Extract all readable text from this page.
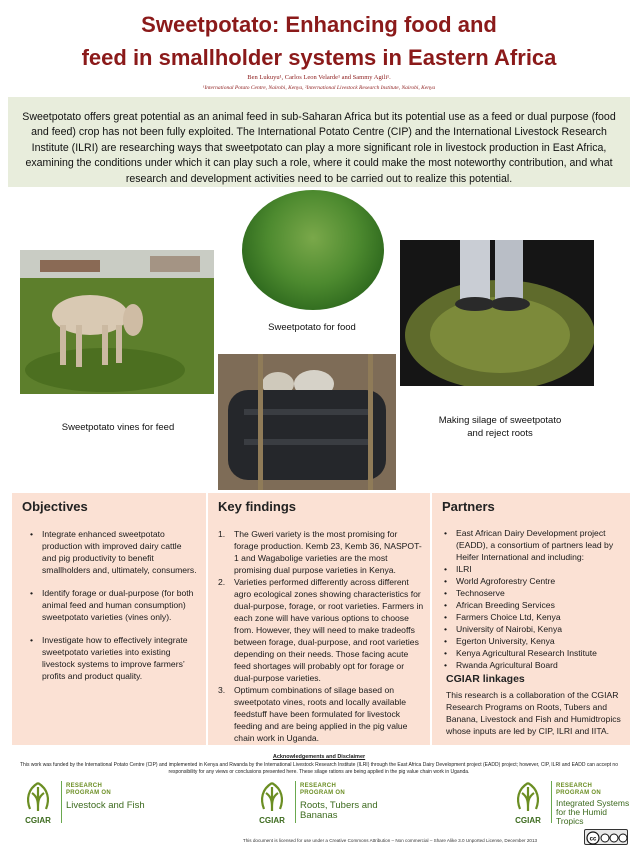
Sweetpotato: Enhancing food and
feed in smallholder systems in Eastern Africa
Ben Lukuyu¹, Carlos Leon Velarde¹ and Sammy Agili¹.
¹International Potato Centre, Nairobi, Kenya, ²International Livestock Research Institute, Nairobi, Kenya
Sweetpotato offers great potential as an animal feed in sub-Saharan Africa but its potential use as a feed or dual purpose (food and feed) crop has not been fully exploited. The International Potato Centre (CIP) and the International Livestock Research Institute (ILRI) are researching ways that sweetpotato can play a more significant role in livestock production in East Africa, examining the conditions under which it can play such a role, where it could make the most noteworthy contribution, and what research and development activities need to be carried out to realize this potential.
Sweetpotato for food
Sweetpotato vines for feed
Making silage of sweetpotato and reject roots
Objectives
• Integrate enhanced sweetpotato production with improved dairy cattle and pig productivity to benefit smallholders and, ultimately, consumers.
• Identify forage or dual-purpose (for both animal feed and human consumption) sweetpotato varieties (vines only).
• Investigate how to effectively integrate sweetpotato varieties into existing livestock systems to improve farmers’ profits and product quality.
Key findings
1. The Gweri variety is the most promising for forage production. Kemb 23, Kemb 36, NASPOT- 1 and Wagabolige varieties are the most promising dual purpose varieties in Kenya.
2. Varieties performed differently across different agro ecological zones showing characteristics for dual-purpose, forage, or root varieties. Farmers in each zone will have various options to choose from. However, they will need to make tradeoffs between forage, dual-purpose, and root varieties depending on their needs. Those facing acute feed shortages will probably opt for forage or dual-purpose varieties.
3. Optimum combinations of silage based on sweetpotato vines, roots and locally available feedstuff have been formulated for livestock feeding and are being applied in the pig value chain work in Uganda.
Partners
• East African Dairy Development project (EADD), a consortium of partners lead by Heifer International and including:
• ILRI
• World Agroforestry Centre
• Technoserve
• African Breeding Services
• Farmers Choice Ltd, Kenya
• University of Nairobi, Kenya
• Egerton University, Kenya
• Kenya Agricultural Research Institute
• Rwanda Agricultural Board
CGIAR linkages
This research is a collaboration of the CGIAR Research Programs on Roots, Tubers and Banana, Livestock and Fish and Humidtropics whose inputs are led by CIP, ILRI and IITA.
Acknowledgements and Disclaimer
This work was funded by the International Potato Centre (CIP) and implemented in Kenya and Rwanda by the International Livestock Research Institute (ILRI) through the East Africa Dairy Development project (EADD) project; however, CIP, ILRI and EADD can accept no responsibility for any views or conclusions presented here. These silage rations are being applied in the pig value chain work in Uganda.
CGIAR
RESEARCH
PROGRAM ON
Livestock and Fish
CGIAR
RESEARCH
PROGRAM ON
Roots, Tubers and Bananas	CGIAR
RESEARCH
PROGRAM ON
Integrated Systems for the Humid Tropics
This document is licensed for use under a Creative Commons Attribution – Non commercial – Share Alike 3.0 Unported License, December 2013	cc
